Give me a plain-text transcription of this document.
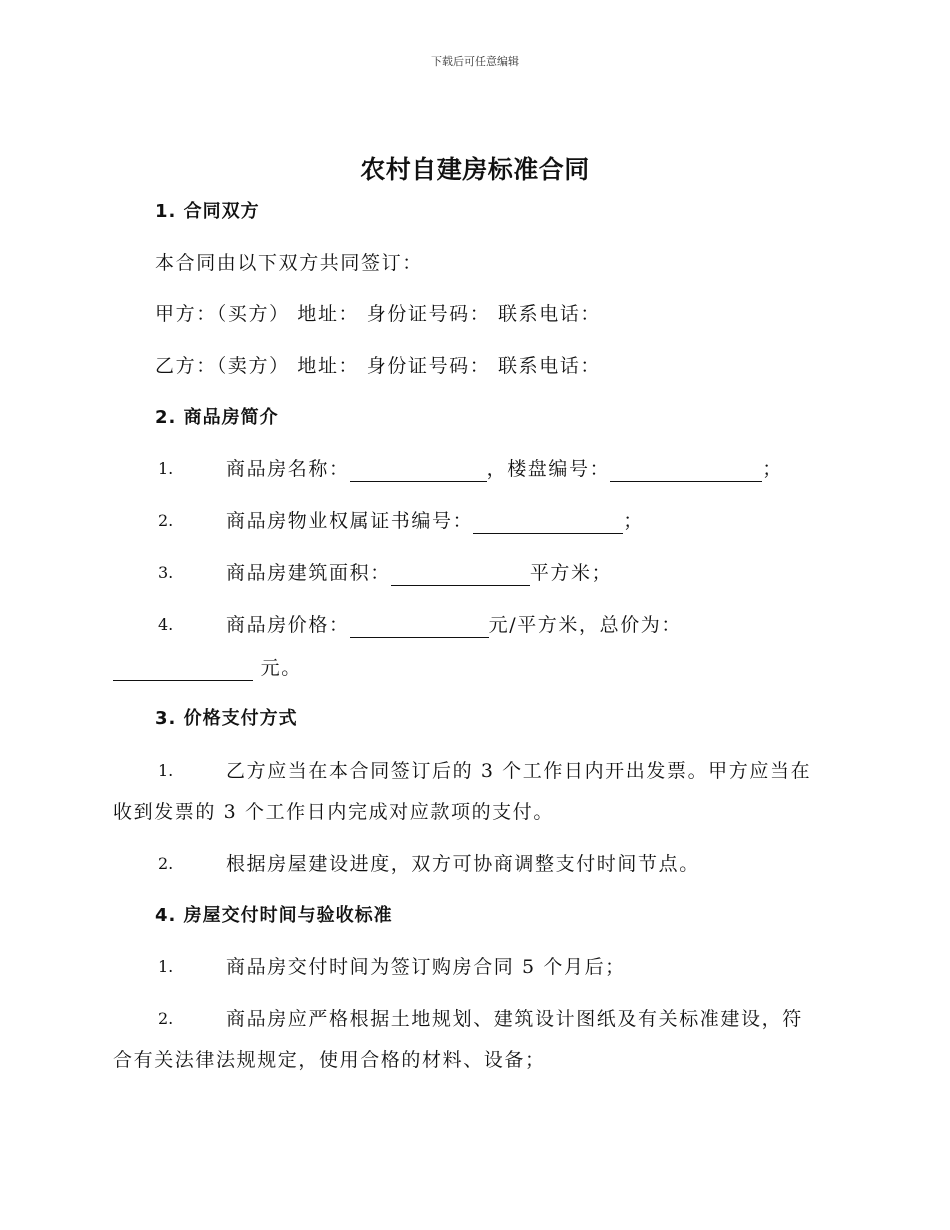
下载后可任意编辑
农村自建房标准合同
1. 合同双方
本合同由以下双方共同签订：
甲方：（买方） 地址： 身份证号码： 联系电话：
乙方：（卖方） 地址： 身份证号码： 联系电话：
2. 商品房简介
1.	商品房名称：	，楼盘编号：	；
2.	商品房物业权属证书编号：	；
3.	商品房建筑面积：	平方米；
4.	商品房价格：	元/平方米，总价为：
元。
3. 价格支付方式
1.	乙方应当在本合同签订后的 3 个工作日内开出发票。甲方应当在
收到发票的 3 个工作日内完成对应款项的支付。
2.	根据房屋建设进度，双方可协商调整支付时间节点。
4. 房屋交付时间与验收标准
1.	商品房交付时间为签订购房合同 5 个月后；
2.	商品房应严格根据土地规划、建筑设计图纸及有关标准建设，符
合有关法律法规规定，使用合格的材料、设备；
